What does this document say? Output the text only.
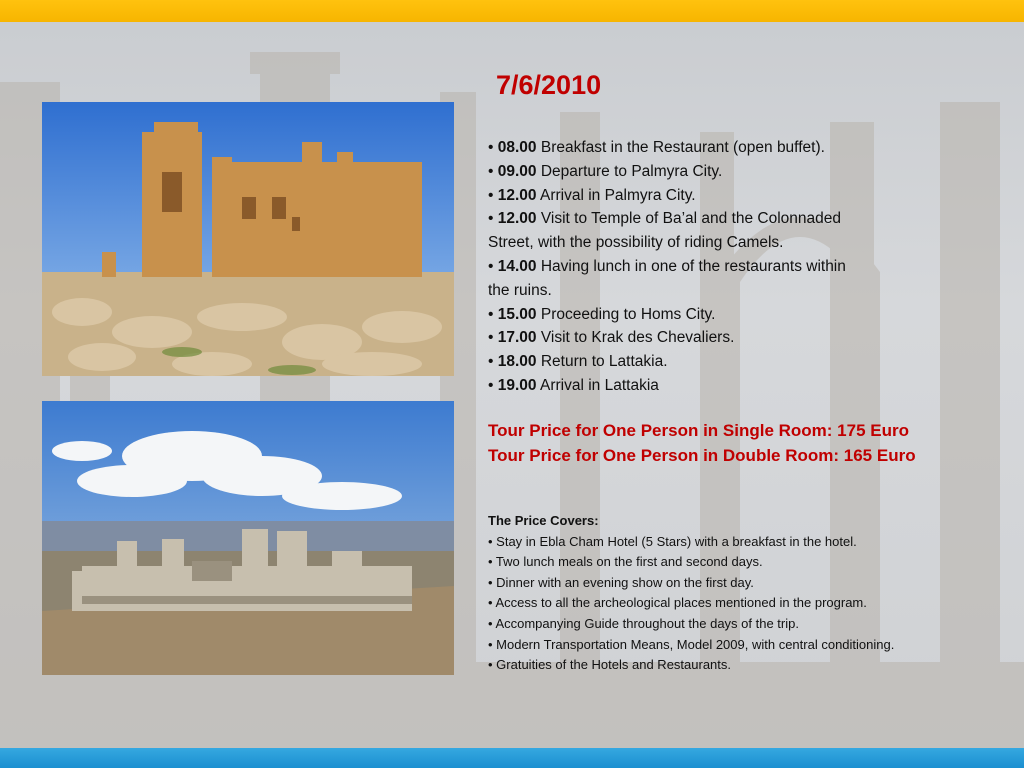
7/6/2010
• 08.00 Breakfast in the Restaurant (open buffet).
• 09.00 Departure to Palmyra City.
• 12.00 Arrival in Palmyra City.
• 12.00 Visit to Temple of Ba’al and the Colonnaded
Street, with the possibility of riding Camels.
• 14.00 Having lunch in one of the restaurants within
the ruins.
• 15.00 Proceeding to Homs City.
• 17.00 Visit to Krak des Chevaliers.
• 18.00 Return to Lattakia.
• 19.00 Arrival in Lattakia
Tour Price for One Person in Single Room: 175 Euro
Tour Price for One Person in Double Room: 165 Euro
The Price Covers:
• Stay in Ebla Cham Hotel (5 Stars) with a breakfast in the hotel.
• Two lunch meals on the first and second days.
• Dinner with an evening show on the first day.
• Access to all the archeological places mentioned in the program.
• Accompanying Guide throughout the days of the trip.
• Modern Transportation Means, Model 2009, with central conditioning.
• Gratuities of the Hotels and Restaurants.
